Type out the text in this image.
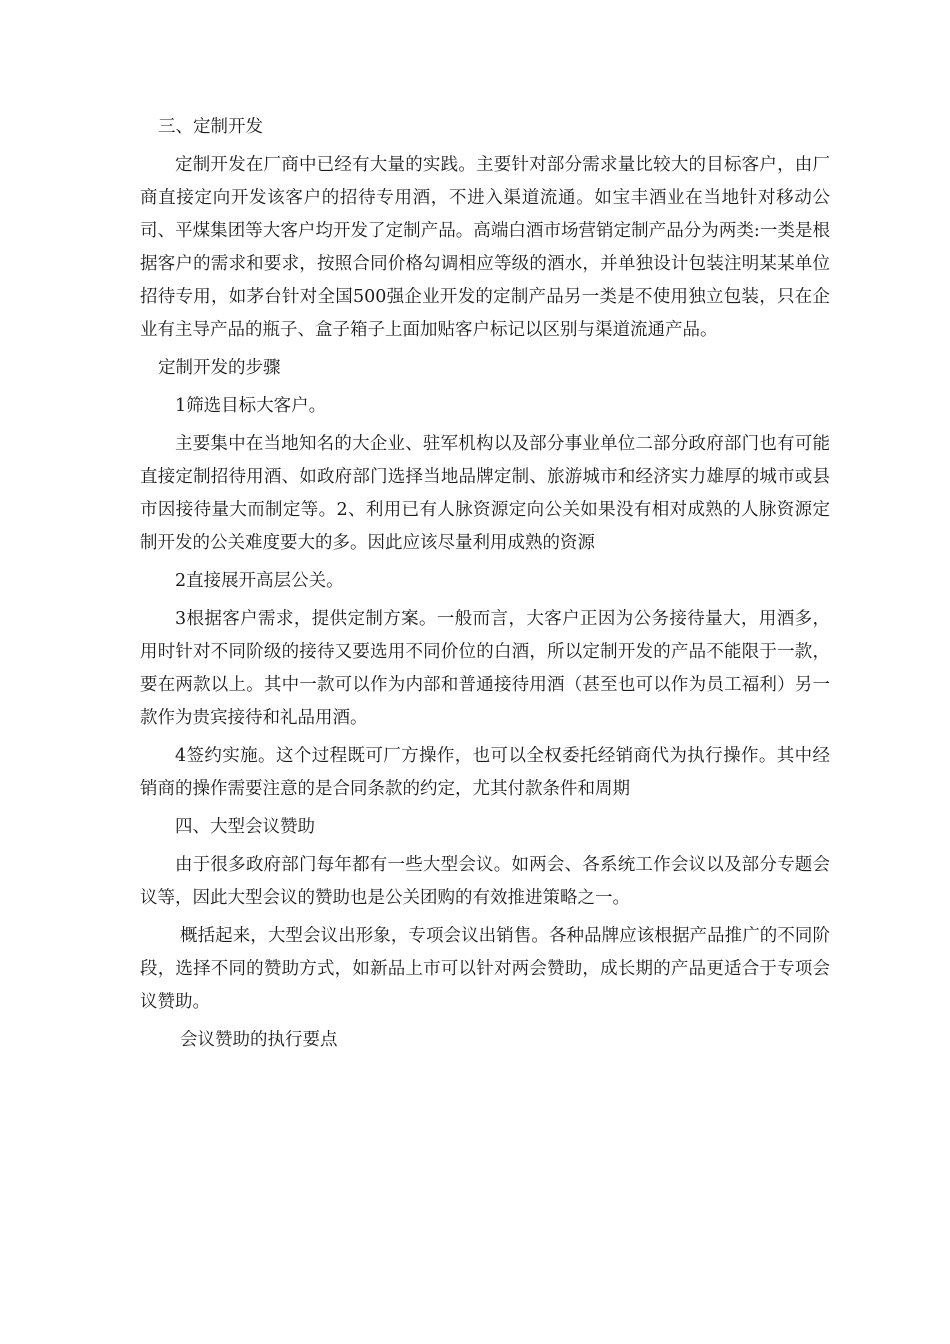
三、定制开发

定制开发在厂商中已经有大量的实践。主要针对部分需求量比较大的目标客户，由厂商直接定向开发该客户的招待专用酒，不进入渠道流通。如宝丰酒业在当地针对移动公司、平煤集团等大客户均开发了定制产品。高端白酒市场营销定制产品分为两类:一类是根据客户的需求和要求，按照合同价格勾调相应等级的酒水，并单独设计包装注明某某单位招待专用，如茅台针对全国500强企业开发的定制产品另一类是不使用独立包装，只在企业有主导产品的瓶子、盒子箱子上面加贴客户标记以区别与渠道流通产品。

定制开发的步骤

1筛选目标大客户。

主要集中在当地知名的大企业、驻军机构以及部分事业单位二部分政府部门也有可能直接定制招待用酒、如政府部门选择当地品牌定制、旅游城市和经济实力雄厚的城市或县市因接待量大而制定等。2、利用已有人脉资源定向公关如果没有相对成熟的人脉资源定制开发的公关难度要大的多。因此应该尽量利用成熟的资源

2直接展开高层公关。

3根据客户需求，提供定制方案。一般而言，大客户正因为公务接待量大，用酒多，用时针对不同阶级的接待又要选用不同价位的白酒，所以定制开发的产品不能限于一款，要在两款以上。其中一款可以作为内部和普通接待用酒（甚至也可以作为员工福利）另一款作为贵宾接待和礼品用酒。

4签约实施。这个过程既可厂方操作，也可以全权委托经销商代为执行操作。其中经销商的操作需要注意的是合同条款的约定，尤其付款条件和周期

四、大型会议赞助

由于很多政府部门每年都有一些大型会议。如两会、各系统工作会议以及部分专题会议等，因此大型会议的赞助也是公关团购的有效推进策略之一。

概括起来，大型会议出形象，专项会议出销售。各种品牌应该根据产品推广的不同阶段，选择不同的赞助方式，如新品上市可以针对两会赞助，成长期的产品更适合于专项会议赞助。

会议赞助的执行要点
